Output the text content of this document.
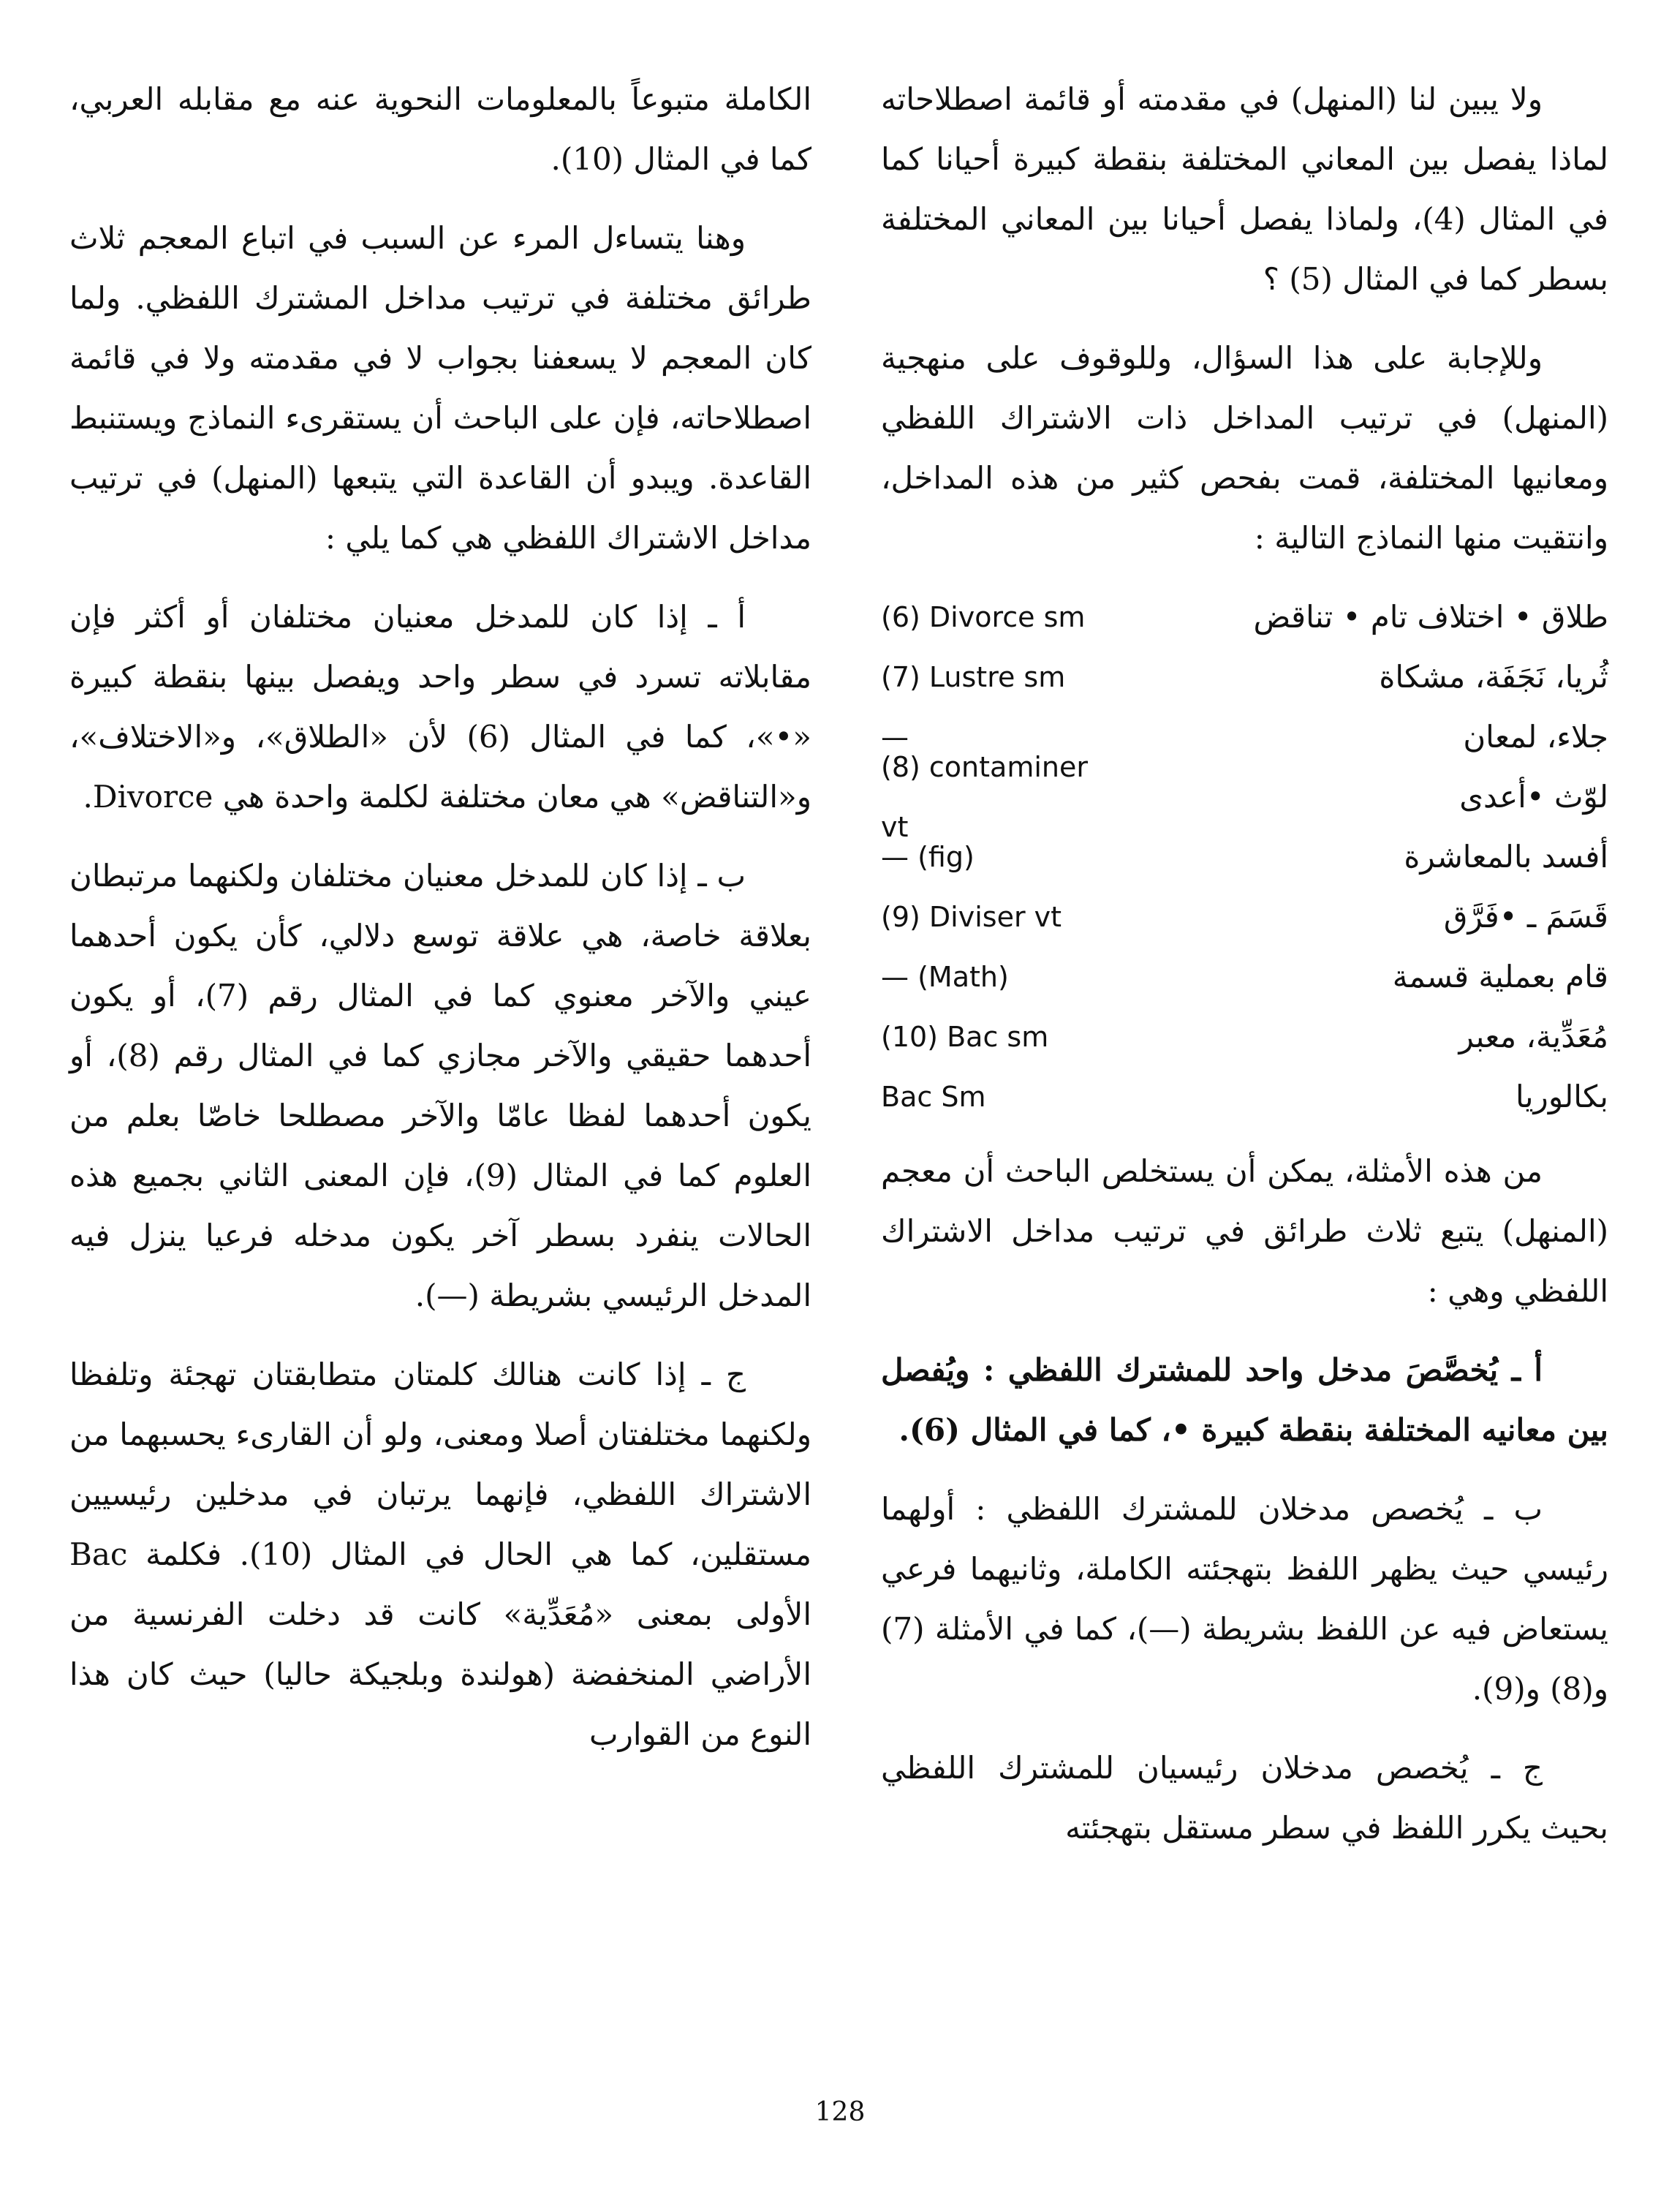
ولا يبين لنا (المنهل) في مقدمته أو قائمة اصطلاحاته لماذا يفصل بين المعاني المختلفة بنقطة كبيرة أحيانا كما في المثال (4)، ولماذا يفصل أحيانا بين المعاني المختلفة بسطر كما في المثال (5) ؟

وللإجابة على هذا السؤال، وللوقوف على منهجية (المنهل) في ترتيب المداخل ذات الاشتراك اللفظي ومعانيها المختلفة، قمت بفحص كثير من هذه المداخل، وانتقيت منها النماذج التالية :

طلاق • اختلاف تام • تناقض
(6) Divorce sm
ثُريا، نَجَفَة، مشكاة
(7) Lustre sm
جلاء، لمعان
—
لوّث •أعدى
(8) contaminer vt
أفسد بالمعاشرة
— (fig)
قَسَمَ ـ •فَرَّق
(9) Diviser vt
قام بعملية قسمة
— (Math)
مُعَدِّية، معبر
(10) Bac sm
بكالوريا
Bac Sm

من هذه الأمثلة، يمكن أن يستخلص الباحث أن معجم (المنهل) يتبع ثلاث طرائق في ترتيب مداخل الاشتراك اللفظي وهي :

أ ـ يُخصَّصَ مدخل واحد للمشترك اللفظي : ويُفصل بين معانيه المختلفة بنقطة كبيرة •، كما في المثال (6).

ب ـ يُخصص مدخلان للمشترك اللفظي : أولهما رئيسي حيث يظهر اللفظ بتهجئته الكاملة، وثانيهما فرعي يستعاض فيه عن اللفظ بشريطة (—)، كما في الأمثلة (7) و(8) و(9).

ج ـ يُخصص مدخلان رئيسيان للمشترك اللفظي بحيث يكرر اللفظ في سطر مستقل بتهجئته

الكاملة متبوعاً بالمعلومات النحوية عنه مع مقابله العربي، كما في المثال (10).

وهنا يتساءل المرء عن السبب في اتباع المعجم ثلاث طرائق مختلفة في ترتيب مداخل المشترك اللفظي. ولما كان المعجم لا يسعفنا بجواب لا في مقدمته ولا في قائمة اصطلاحاته، فإن على الباحث أن يستقرىء النماذج ويستنبط القاعدة. ويبدو أن القاعدة التي يتبعها (المنهل) في ترتيب مداخل الاشتراك اللفظي هي كما يلي :

أ ـ إذا كان للمدخل معنيان مختلفان أو أكثر فإن مقابلاته تسرد في سطر واحد ويفصل بينها بنقطة كبيرة «•»، كما في المثال (6) لأن «الطلاق»، و«الاختلاف»، و«التناقض» هي معان مختلفة لكلمة واحدة هي Divorce.

ب ـ إذا كان للمدخل معنيان مختلفان ولكنهما مرتبطان بعلاقة خاصة، هي علاقة توسع دلالي، كأن يكون أحدهما عيني والآخر معنوي كما في المثال رقم (7)، أو يكون أحدهما حقيقي والآخر مجازي كما في المثال رقم (8)، أو يكون أحدهما لفظا عامّا والآخر مصطلحا خاصّا بعلم من العلوم كما في المثال (9)، فإن المعنى الثاني بجميع هذه الحالات ينفرد بسطر آخر يكون مدخله فرعيا ينزل فيه المدخل الرئيسي بشريطة (—).

ج ـ إذا كانت هنالك كلمتان متطابقتان تهجئة وتلفظا ولكنهما مختلفتان أصلا ومعنى، ولو أن القارىء يحسبهما من الاشتراك اللفظي، فإنهما يرتبان في مدخلين رئيسيين مستقلين، كما هي الحال في المثال (10). فكلمة Bac الأولى بمعنى «مُعَدِّية» كانت قد دخلت الفرنسية من الأراضي المنخفضة (هولندة وبلجيكة حاليا) حيث كان هذا النوع من القوارب

128
